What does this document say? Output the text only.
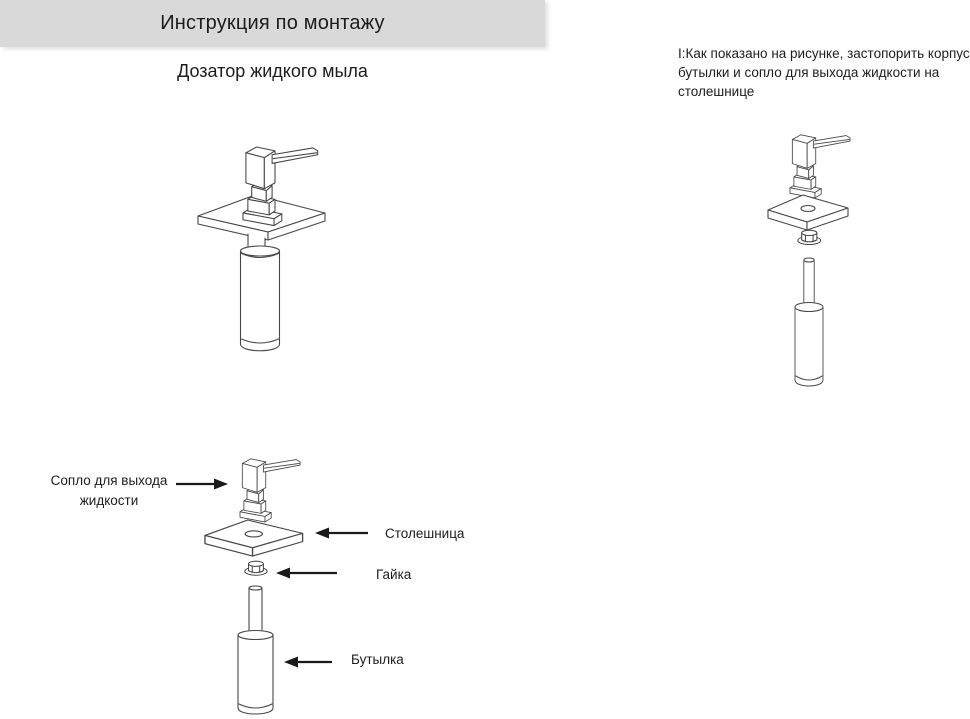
Инструкция по монтажу
Дозатор жидкого мыла

I:Как показано на рисунке, застопорить корпус бутылки и сопло для выхода жидкости на столешнице

Сопло для выхода жидкости
Столешница
Гайка
Бутылка
